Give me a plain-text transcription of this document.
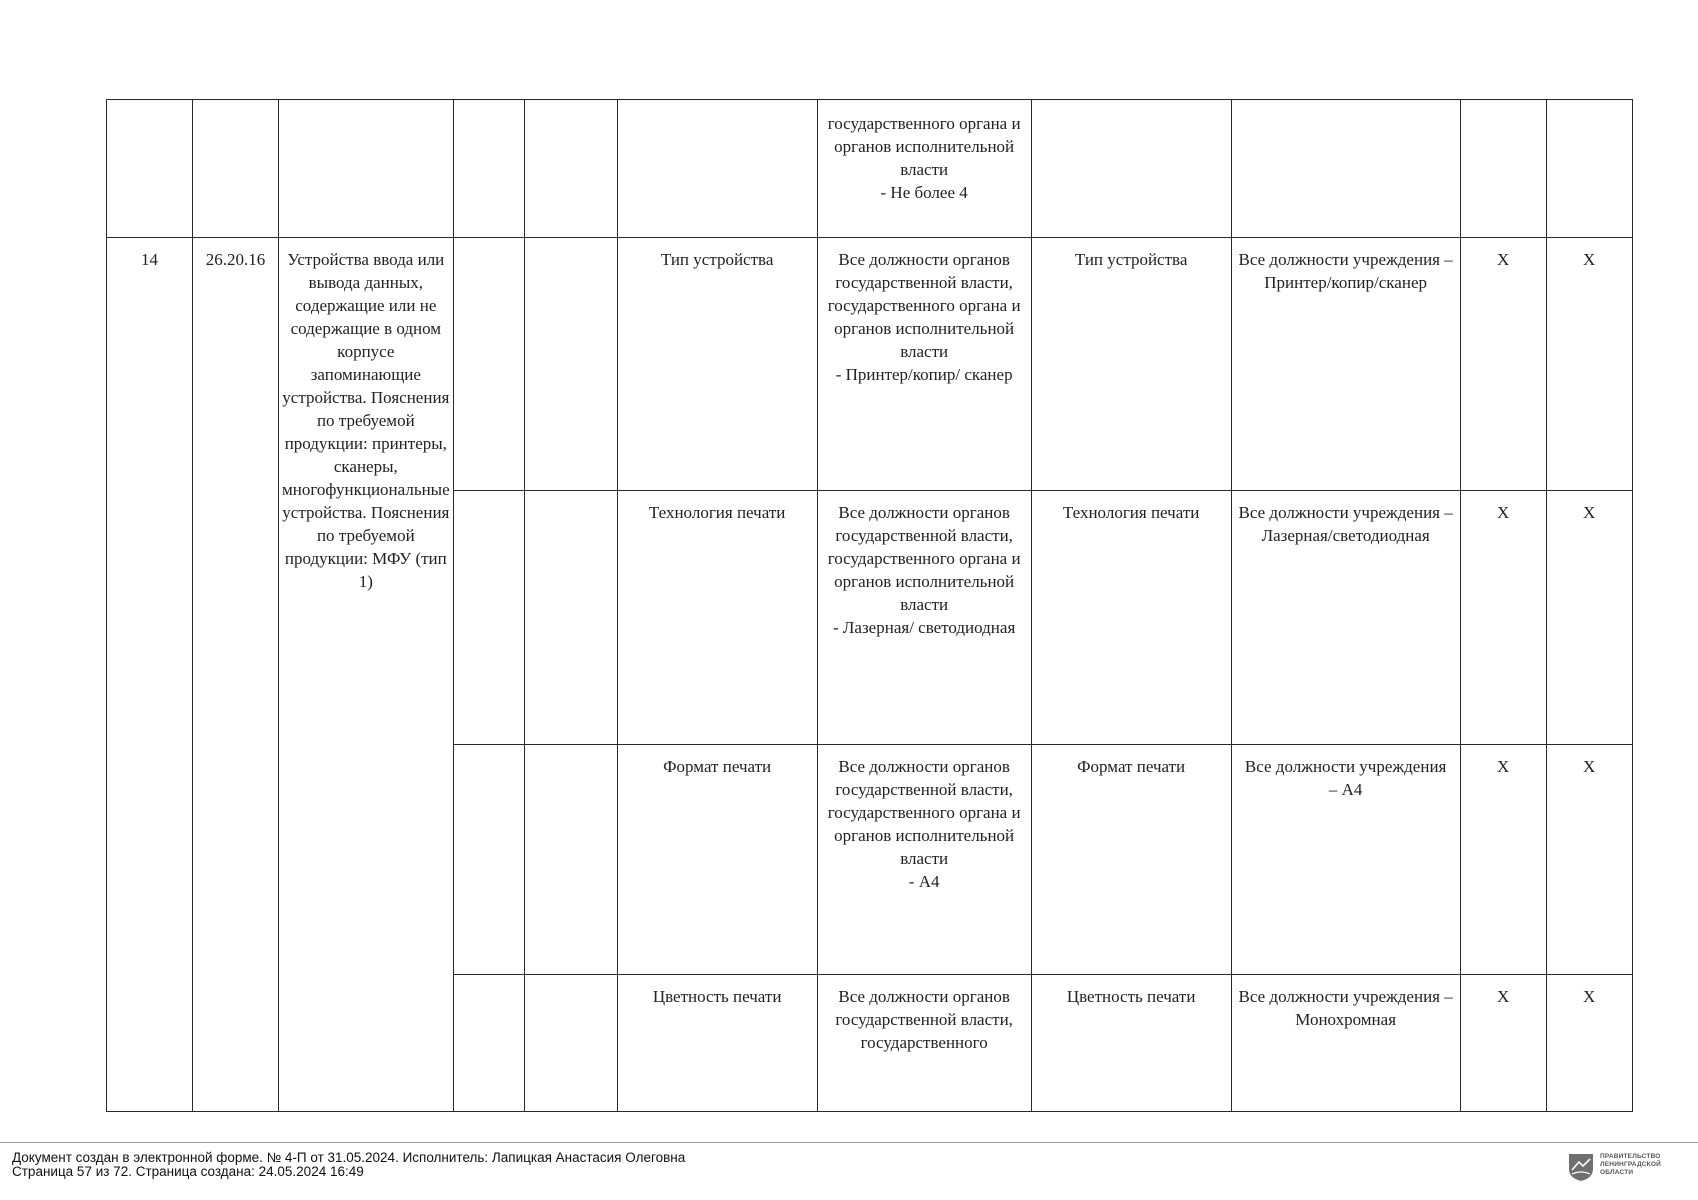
						государственного органа и органов исполнительной власти
- Не более 4				
14	26.20.16	Устройства ввода или вывода данных, содержащие или не содержащие в одном корпусе запоминающие устройства. Пояснения по требуемой продукции: принтеры, сканеры, многофункциональные устройства. Пояснения по требуемой продукции: МФУ (тип 1)			Тип устройства	Все должности органов государственной власти, государственного органа и органов исполнительной власти
- Принтер/копир/ сканер	Тип устройства	Все должности учреждения –
Принтер/копир/сканер	X	X
					Технология печати	Все должности органов государственной власти, государственного органа и органов исполнительной власти
- Лазерная/ светодиодная	Технология печати	Все должности учреждения –
Лазерная/светодиодная	X	X
					Формат печати	Все должности органов государственной власти, государственного органа и органов исполнительной власти
- А4	Формат печати	Все должности учреждения
– А4	X	X
					Цветность печати	Все должности органов государственной власти, государственного	Цветность печати	Все должности учреждения –
Монохромная	X	X
Документ создан в электронной форме. № 4-П от 31.05.2024. Исполнитель: Лапицкая Анастасия Олеговна
Страница 57 из 72. Страница создана: 24.05.2024 16:49
ПРАВИТЕЛЬСТВО
ЛЕНИНГРАДСКОЙ
ОБЛАСТИ
